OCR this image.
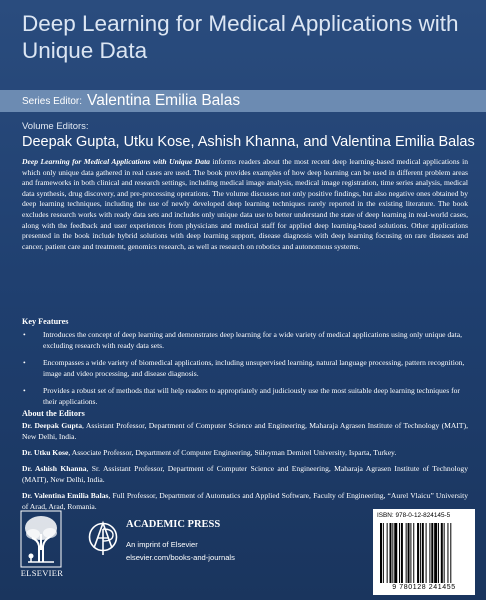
Deep Learning for Medical Applications with Unique Data
Series Editor: Valentina Emilia Balas
Volume Editors:
Deepak Gupta, Utku Kose, Ashish Khanna, and Valentina Emilia Balas

Deep Learning for Medical Applications with Unique Data informs readers about the most recent deep learning-based medical applications in which only unique data gathered in real cases are used. The book provides examples of how deep learning can be used in different problem areas and frameworks in both clinical and research settings, including medical image analysis, medical image registration, time series analysis, medical data synthesis, drug discovery, and pre-processing operations. The volume discusses not only positive findings, but also negative ones obtained by deep learning techniques, including the use of newly developed deep learning techniques rarely reported in the existing literature. The book excludes research works with ready data sets and includes only unique data use to better understand the state of deep learning in real-world cases, along with the feedback and user experiences from physicians and medical staff for applied deep learning-based solutions. Other applications presented in the book include hybrid solutions with deep learning support, disease diagnosis with deep learning focusing on rare diseases and cancer, patient care and treatment, genomics research, as well as research on robotics and autonomous systems.

Key Features
• Introduces the concept of deep learning and demonstrates deep learning for a wide variety of medical applications using only unique data, excluding research with ready data sets.
• Encompasses a wide variety of biomedical applications, including unsupervised learning, natural language processing, pattern recognition, image and video processing, and disease diagnosis.
• Provides a robust set of methods that will help readers to appropriately and judiciously use the most suitable deep learning techniques for their applications.
About the Editors
Dr. Deepak Gupta, Assistant Professor, Department of Computer Science and Engineering, Maharaja Agrasen Institute of Technology (MAIT), New Delhi, India.
Dr. Utku Kose, Associate Professor, Department of Computer Engineering, Süleyman Demirel University, Isparta, Turkey.
Dr. Ashish Khanna, Sr. Assistant Professor, Department of Computer Science and Engineering, Maharaja Agrasen Institute of Technology (MAIT), New Delhi, India.
Dr. Valentina Emilia Balas, Full Professor, Department of Automatics and Applied Software, Faculty of Engineering, “Aurel Vlaicu” University of Arad, Arad, Romania.
ELSEVIER
ACADEMIC PRESS
An imprint of Elsevier
elsevier.com/books-and-journals
ISBN: 978-0-12-824145-5
9 780128 241455
